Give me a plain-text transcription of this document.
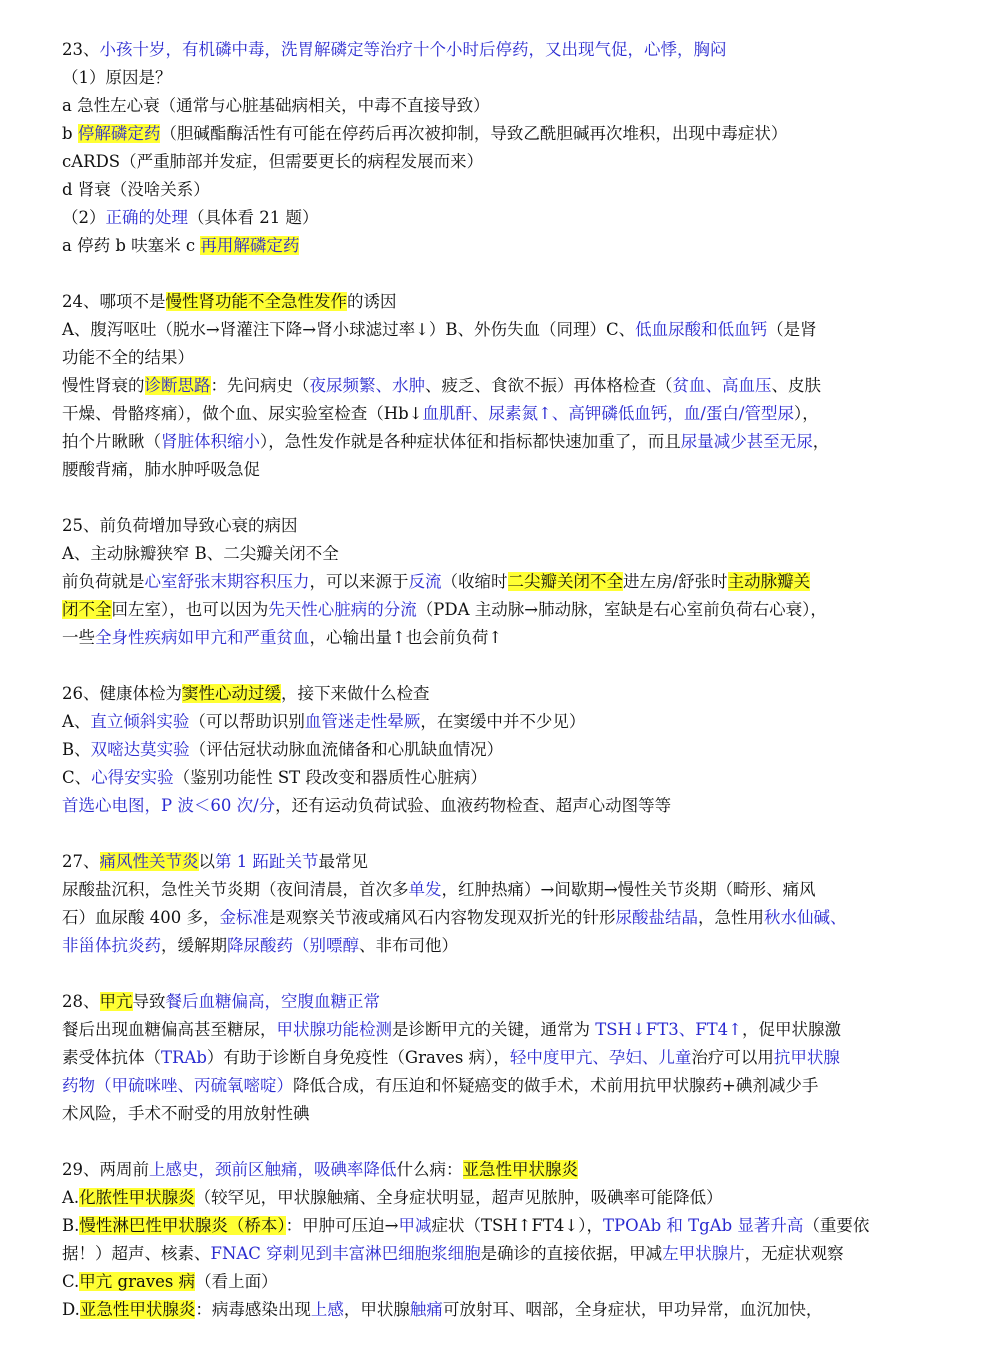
23、小孩十岁，有机磷中毒，洗胃解磷定等治疗十个小时后停药，又出现气促，心悸，胸闷
（1）原因是？
a 急性左心衰（通常与心脏基础病相关，中毒不直接导致）
b 停解磷定药（胆碱酯酶活性有可能在停药后再次被抑制，导致乙酰胆碱再次堆积，出现中毒症状）
cARDS（严重肺部并发症，但需要更长的病程发展而来）
d 肾衰（没啥关系）
（2）正确的处理（具体看 21 题）
a 停药 b 呋塞米 c 再用解磷定药
24、哪项不是慢性肾功能不全急性发作的诱因
A、腹泻呕吐（脱水→肾灌注下降→肾小球滤过率↓）B、外伤失血（同理）C、低血尿酸和低血钙（是肾
功能不全的结果）
慢性肾衰的诊断思路：先问病史（夜尿频繁、水肿、疲乏、食欲不振）再体格检查（贫血、高血压、皮肤
干燥、骨骼疼痛），做个血、尿实验室检查（Hb↓血肌酐、尿素氮↑、高钾磷低血钙，血/蛋白/管型尿），
拍个片瞅瞅（肾脏体积缩小），急性发作就是各种症状体征和指标都快速加重了，而且尿量减少甚至无尿，
腰酸背痛，肺水肿呼吸急促
25、前负荷增加导致心衰的病因
A、主动脉瓣狭窄 B、二尖瓣关闭不全
前负荷就是心室舒张末期容积压力，可以来源于反流（收缩时二尖瓣关闭不全进左房/舒张时主动脉瓣关
闭不全回左室），也可以因为先天性心脏病的分流（PDA 主动脉→肺动脉，室缺是右心室前负荷右心衰），
一些全身性疾病如甲亢和严重贫血，心输出量↑也会前负荷↑
26、健康体检为窦性心动过缓，接下来做什么检查
A、直立倾斜实验（可以帮助识别血管迷走性晕厥，在窦缓中并不少见）
B、双嘧达莫实验（评估冠状动脉血流储备和心肌缺血情况）
C、心得安实验（鉴别功能性 ST 段改变和器质性心脏病）
首选心电图，P 波＜60 次/分，还有运动负荷试验、血液药物检查、超声心动图等等
27、痛风性关节炎以第 1 跖趾关节最常见
尿酸盐沉积，急性关节炎期（夜间清晨，首次多单发，红肿热痛）→间歇期→慢性关节炎期（畸形、痛风
石）血尿酸 400 多，金标准是观察关节液或痛风石内容物发现双折光的针形尿酸盐结晶，急性用秋水仙碱、
非甾体抗炎药，缓解期降尿酸药（别嘌醇、非布司他）
28、甲亢导致餐后血糖偏高，空腹血糖正常
餐后出现血糖偏高甚至糖尿，甲状腺功能检测是诊断甲亢的关键，通常为 TSH↓FT3、FT4↑，促甲状腺激
素受体抗体（TRAb）有助于诊断自身免疫性（Graves 病），轻中度甲亢、孕妇、儿童治疗可以用抗甲状腺
药物（甲硫咪唑、丙硫氧嘧啶）降低合成，有压迫和怀疑癌变的做手术，术前用抗甲状腺药+碘剂减少手
术风险，手术不耐受的用放射性碘
29、两周前上感史，颈前区触痛，吸碘率降低什么病：亚急性甲状腺炎
A.化脓性甲状腺炎（较罕见，甲状腺触痛、全身症状明显，超声见脓肿，吸碘率可能降低）
B.慢性淋巴性甲状腺炎（桥本）：甲肿可压迫→甲减症状（TSH↑FT4↓），TPOAb 和 TgAb 显著升高（重要依
据！）超声、核素、FNAC 穿刺见到丰富淋巴细胞浆细胞是确诊的直接依据，甲减左甲状腺片，无症状观察
C.甲亢 graves 病（看上面）
D.亚急性甲状腺炎：病毒感染出现上感，甲状腺触痛可放射耳、咽部，全身症状，甲功异常，血沉加快，
